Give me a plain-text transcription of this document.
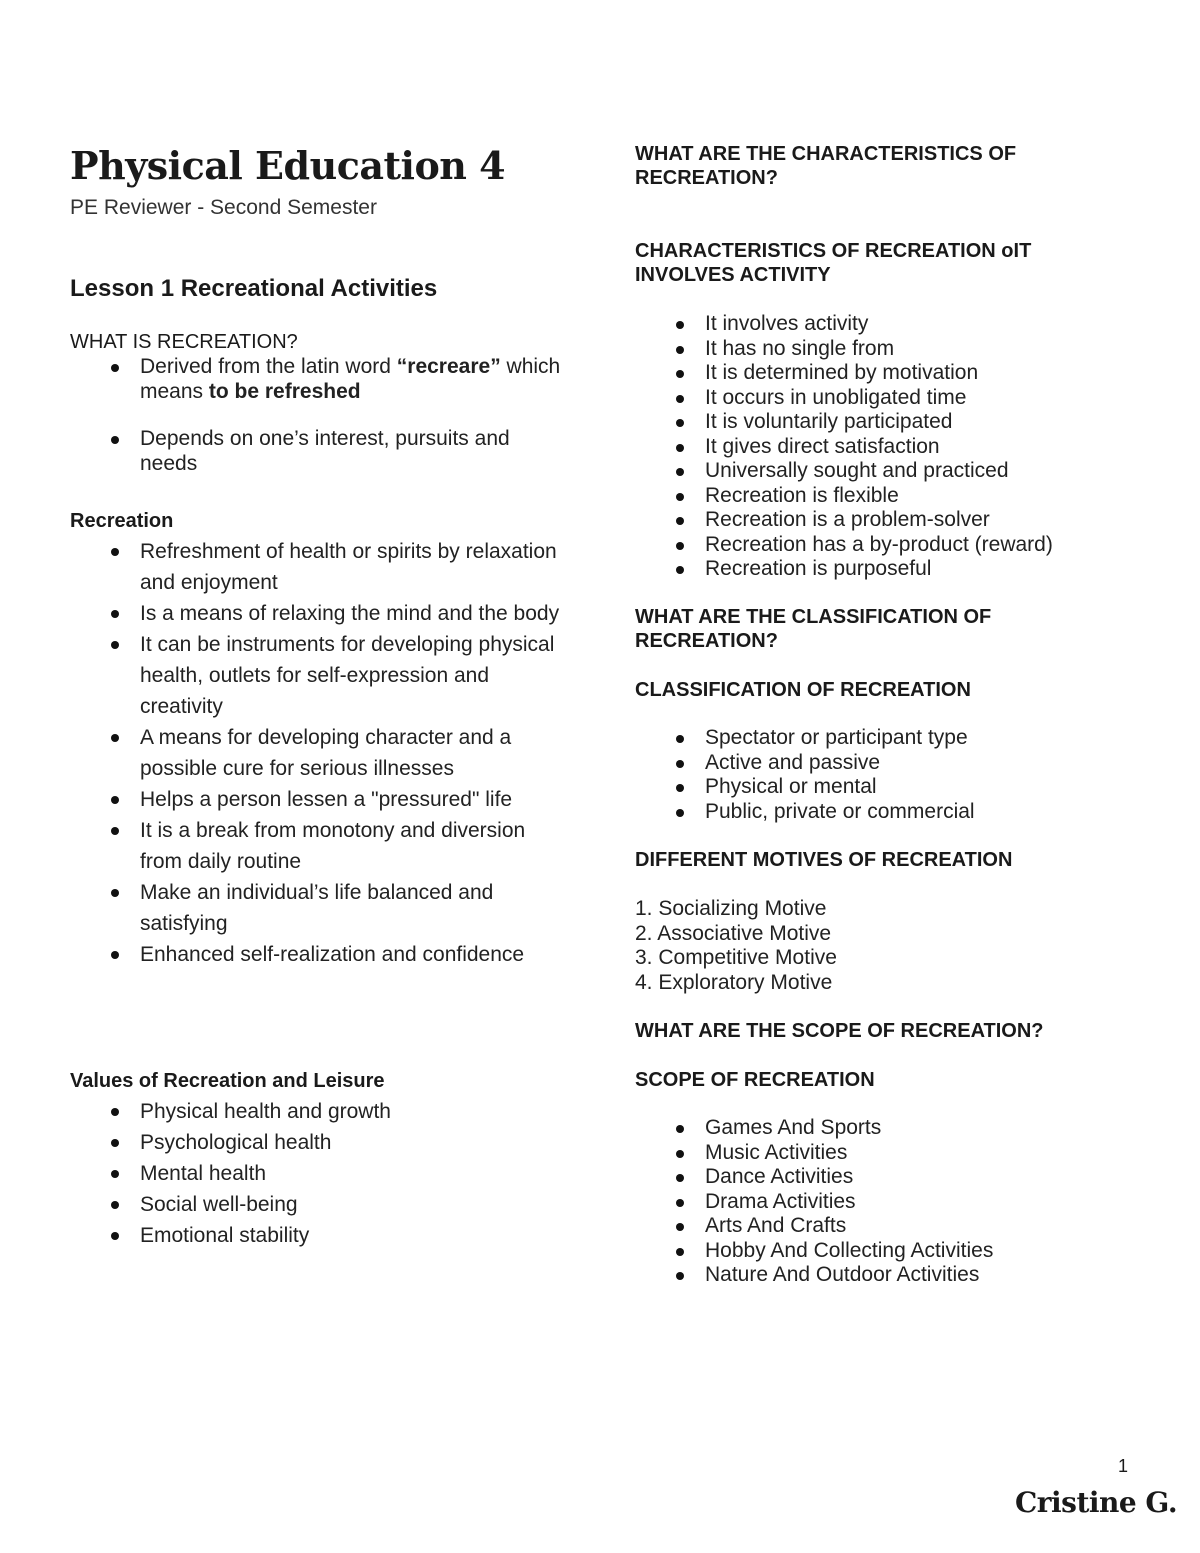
Physical Education 4
PE Reviewer - Second Semester
Lesson 1 Recreational Activities
WHAT IS RECREATION?
Derived from the latin word “recreare” which means to be refreshed
Depends on one’s interest, pursuits and needs
Recreation
Refreshment of health or spirits by relaxation and enjoyment
Is a means of relaxing the mind and the body
It can be instruments for developing physical health, outlets for self-expression and creativity
A means for developing character and a possible cure for serious illnesses
Helps a person lessen a "pressured" life
It is a break from monotony and diversion from daily routine
Make an individual’s life balanced and satisfying
Enhanced self-realization and confidence
Values of Recreation and Leisure
Physical health and growth
Psychological health
Mental health
Social well-being
Emotional stability
WHAT ARE THE CHARACTERISTICS OF RECREATION?
CHARACTERISTICS OF RECREATION oIT INVOLVES ACTIVITY
It involves activity
It has no single from
It is determined by motivation
It occurs in unobligated time
It is voluntarily participated
It gives direct satisfaction
Universally sought and practiced
Recreation is flexible
Recreation is a problem-solver
Recreation has a by-product (reward)
Recreation is purposeful
WHAT ARE THE CLASSIFICATION OF RECREATION?
CLASSIFICATION OF RECREATION
Spectator or participant type
Active and passive
Physical or mental
Public, private or commercial
DIFFERENT MOTIVES OF RECREATION
1. Socializing Motive
2. Associative Motive
3. Competitive Motive
4. Exploratory Motive
WHAT ARE THE SCOPE OF RECREATION?
SCOPE OF RECREATION
Games And Sports
Music Activities
Dance Activities
Drama Activities
Arts And Crafts
Hobby And Collecting Activities
Nature And Outdoor Activities
1
Cristine G.
